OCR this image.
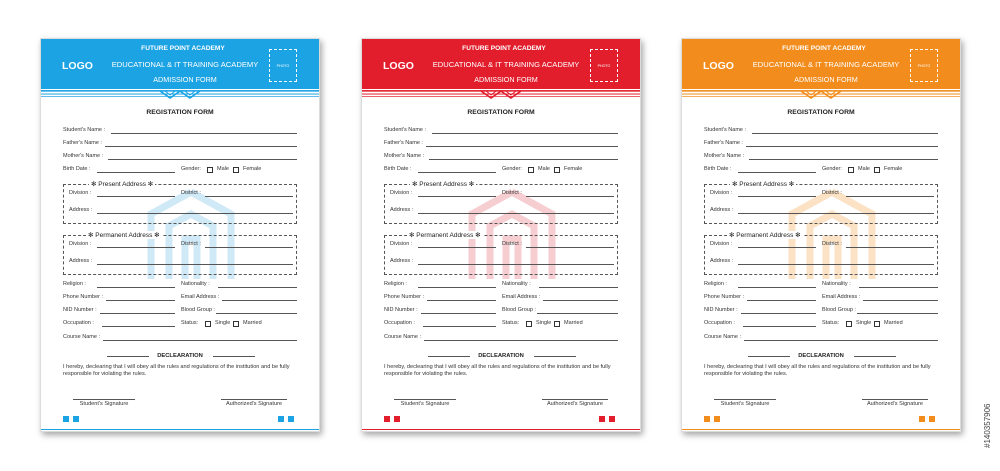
LOGO
FUTURE POINT ACADEMY
EDUCATIONAL & IT TRAINING ACADEMY
ADMISSION FORM
PHOTO
REGISTATION FORM
Student's Name :
Father's Name :
Mother's Name :
Birth Date :	Gender:	Male	Female
Religion :	Nationality :
Phone Number :	Email Address :
NID Number :	Blood Group :
Occupation :	Status:	Single Married
Course Name :
✻ Present Address ✻
Division :	District :
Address :
✻ Permanent Address ✻
Division :	District :
Address :
DECLEARATION
I hereby, declearing that I will obey all the rules and regulations of the institution and be fully responsible for violating the rules.
Student's Signature	Authorized's Signature
LOGO
FUTURE POINT ACADEMY
EDUCATIONAL & IT TRAINING ACADEMY
ADMISSION FORM
PHOTO
REGISTATION FORM
Student's Name :
Father's Name :
Mother's Name :
Birth Date :	Gender:	Male	Female
Religion :	Nationality :
Phone Number :	Email Address :
NID Number :	Blood Group :
Occupation :	Status:	Single Married
Course Name :
✻ Present Address ✻
Division :	District :
Address :
✻ Permanent Address ✻
Division :	District :
Address :
DECLEARATION
I hereby, declearing that I will obey all the rules and regulations of the institution and be fully responsible for violating the rules.
Student's Signature	Authorized's Signature
LOGO
FUTURE POINT ACADEMY
EDUCATIONAL & IT TRAINING ACADEMY
ADMISSION FORM
PHOTO
REGISTATION FORM
Student's Name :
Father's Name :
Mother's Name :
Birth Date :	Gender:	Male	Female
Religion :	Nationality :
Phone Number :	Email Address :
NID Number :	Blood Group :
Occupation :	Status:	Single Married
Course Name :
✻ Present Address ✻
Division :	District :
Address :
✻ Permanent Address ✻
Division :	District :
Address :
DECLEARATION
I hereby, declearing that I will obey all the rules and regulations of the institution and be fully responsible for violating the rules.
Student's Signature	Authorized's Signature	#140357906
